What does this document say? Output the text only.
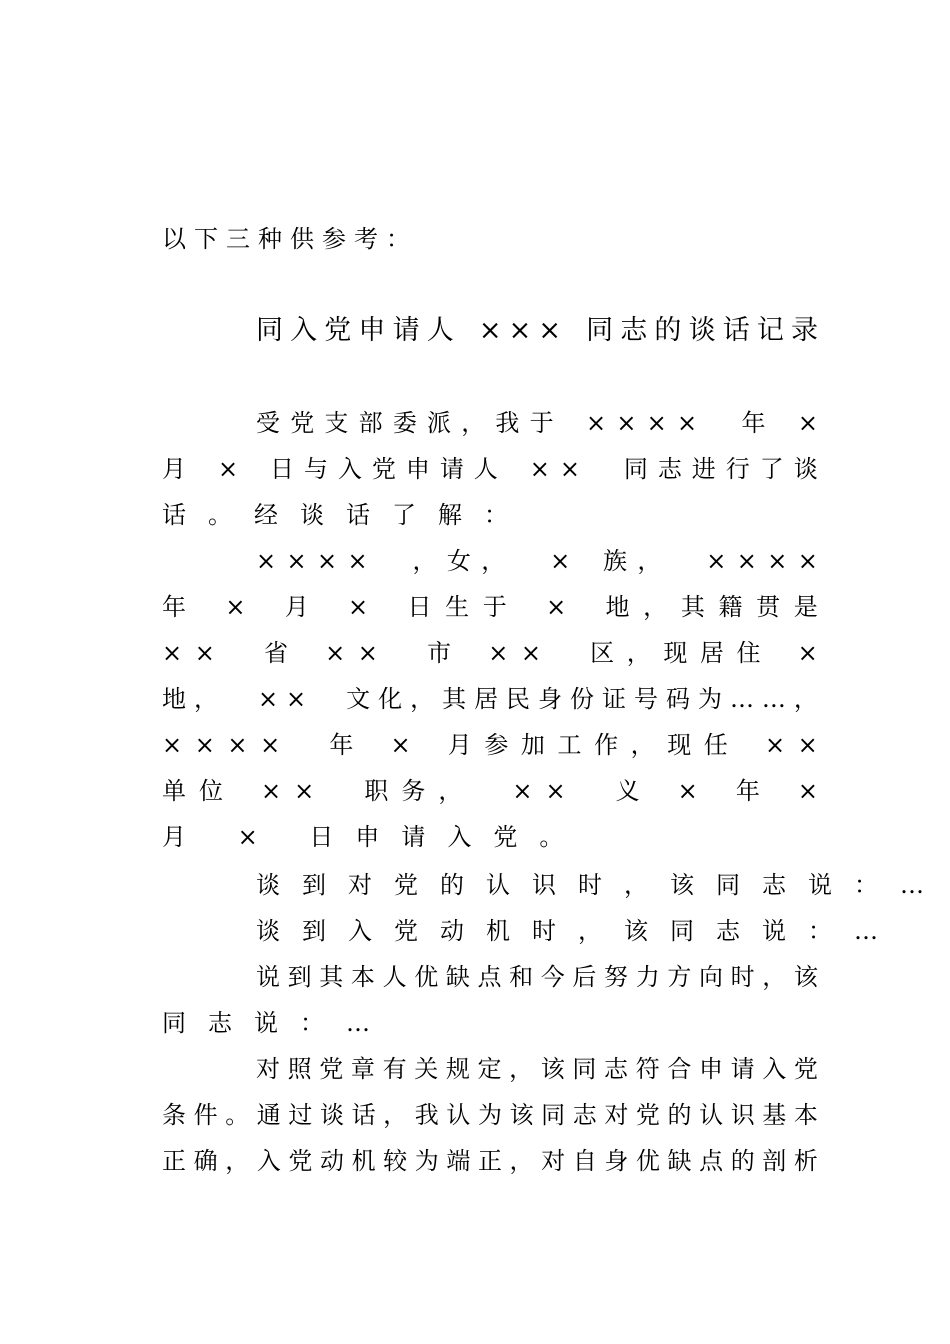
以下三种供参考：
同 入 党 申 请 人 × × × 同 志 的 谈 话 记 录
受 党 支 部 委 派 ， 我 于 × × × × 年 ×
月 × 日 与 入 党 申 请 人 × × 同 志 进 行 了 谈
话。经谈话了解：
× × × × ， 女 ， × 族 ， × × × ×
年 × 月 × 日 生 于 × 地 ， 其 籍 贯 是
× × 省 × × 市 × × 区 ， 现 居 住 ×
地 ， × × 文 化 ， 其 居 民 身 份 证 号 码 为 … … ，
× × × × 年 × 月 参 加 工 作 ， 现 任 × ×
单 位 × × 职 务 ， × × 义 × 年 ×
月 × 日申请入党。
谈到对党的认识时，该同志说：…
谈到入党动机时，该同志说：…
说 到 其 本 人 优 缺 点 和 今 后 努 力 方 向 时 ， 该
同志说：…
对 照 党 章 有 关 规 定 ， 该 同 志 符 合 申 请 入 党
条 件 。 通 过 谈 话 ， 我 认 为 该 同 志 对 党 的 认 识 基 本
正 确 ， 入 党 动 机 较 为 端 正 ， 对 自 身 优 缺 点 的 剖 析
